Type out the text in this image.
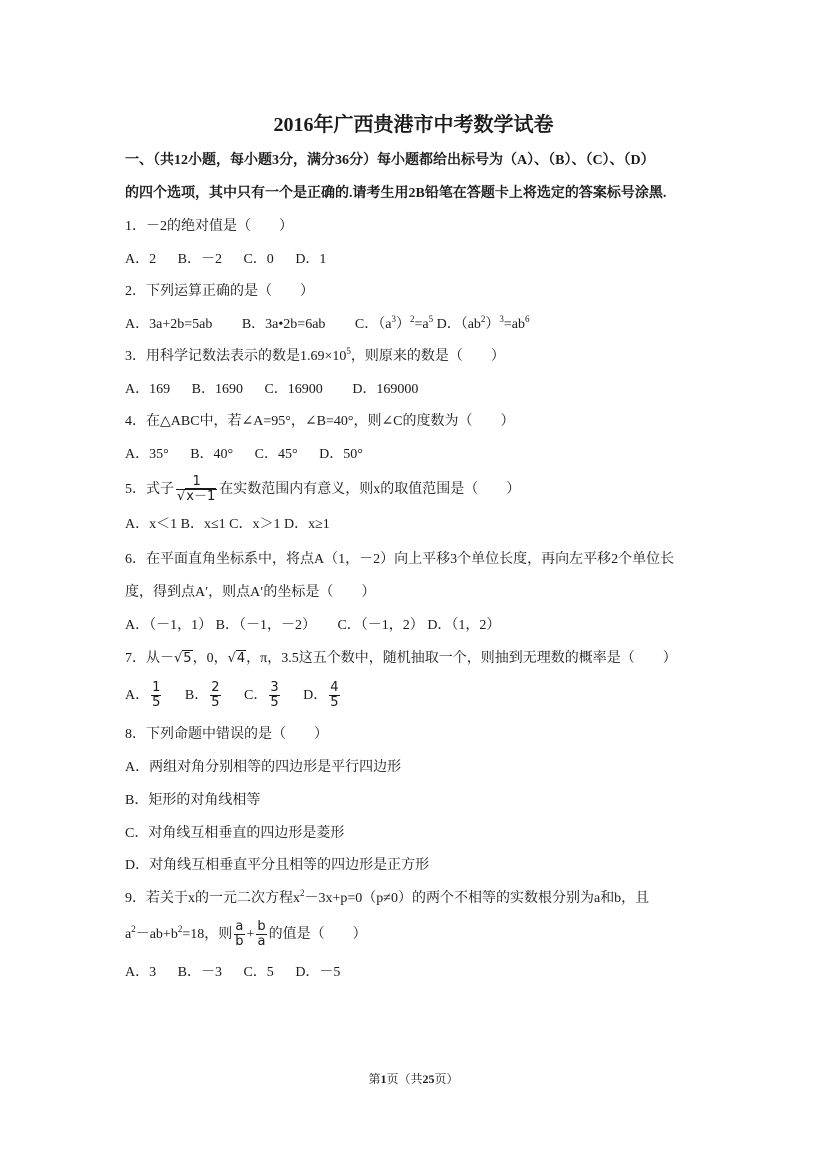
2016年广西贵港市中考数学试卷
一、（共12小题，每小题3分，满分36分）每小题都给出标号为（A）、（B）、（C）、（D）
的四个选项，其中只有一个是正确的.请考生用2B铅笔在答题卡上将选定的答案标号涂黑.
1．－2的绝对值是（　　）
A．2 B．－2 C．0 D．1
2．下列运算正确的是（　　）
A．3a+2b=5ab B．3a•2b=6ab C．$(a^3)^2=a^5$ D．$(ab^2)^3=ab^6$
3．用科学记数法表示的数是$1.69\times 10^5$，则原来的数是（　　）
A．169 B．1690 C．16900 D．169000
4．在△ABC中，若∠A=95°，∠B=40°，则∠C的度数为（　　）
A．35° B．40° C．45° D．50°
5．式子 $\frac{1}{√x-1}$ 在实数范围内有意义，则x的取值范围是（　　）
A．x＜1 B．x≤1 C．x＞1 D．x≥1
6．在平面直角坐标系中，将点A（1，－2）向上平移3个单位长度，再向左平移2个单位长
度，得到点A′，则点A′的坐标是（　　）
A．（－1，1） B．（－1，－2） C．（－1，2） D．（1，2）
7．从－√5，0，√4，π，3.5这五个数中，随机抽取一个，则抽到无理数的概率是（　　）
A． $\frac{1}{5}$ B． $\frac{2}{5}$ C． $\frac{3}{5}$ D． $\frac{4}{5}$
8．下列命题中错误的是（　　）
A．两组对角分别相等的四边形是平行四边形
B．矩形的对角线相等
C．对角线互相垂直的四边形是菱形
D．对角线互相垂直平分且相等的四边形是正方形
9．若关于x的一元二次方程$x^2-3x+p=0(p\ne 0)$的两个不相等的实数根分别为a和b，且
$a^2-ab+b^2=18$，则 $\frac{a}{b} + \frac{b}{a}$ 的值是（　　）
A．3 B．－3 C．5 D．－5
第1页（共25页）
